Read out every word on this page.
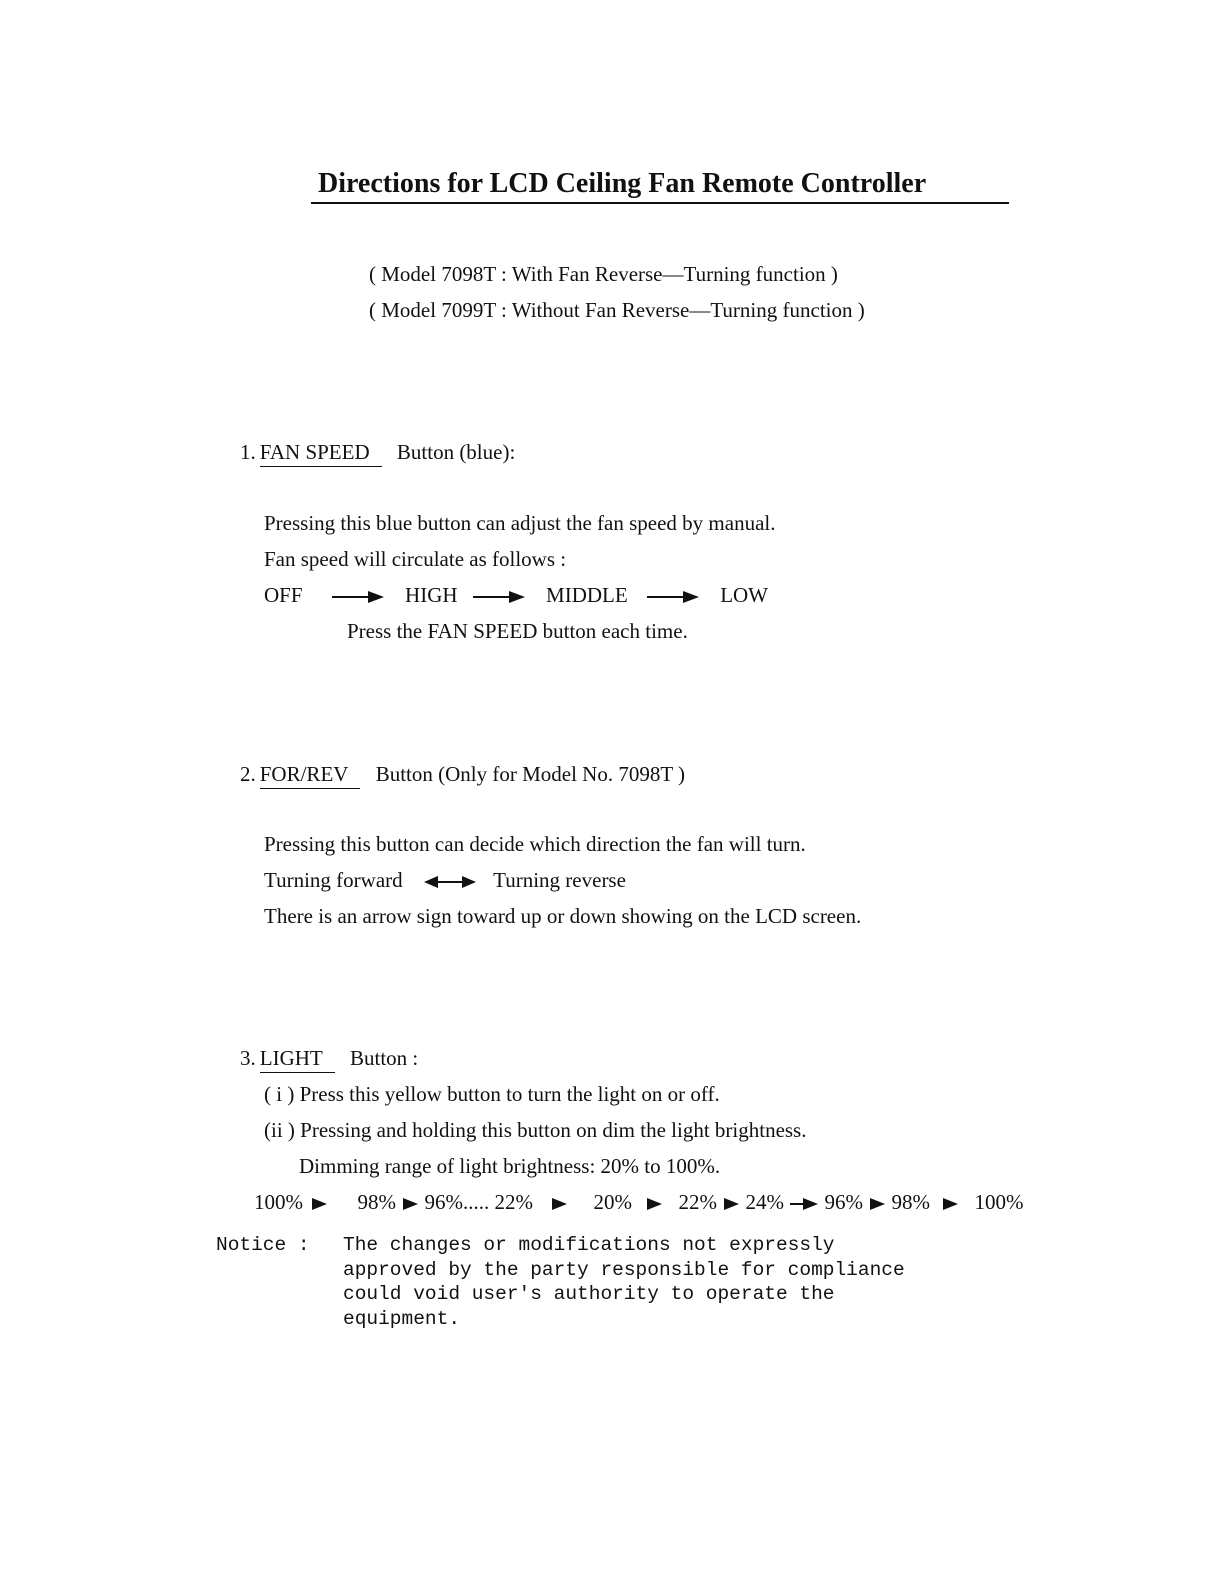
Directions for LCD Ceiling Fan Remote Controller
( Model 7098T : With Fan Reverse—Turning function )
( Model 7099T : Without Fan Reverse—Turning function )
1. FAN SPEED Button (blue):
Pressing this blue button can adjust the fan speed by manual.
Fan speed will circulate as follows :
OFF	HIGH	MIDDLE	LOW
Press the FAN SPEED button each time.
2. FOR/REV Button (Only for Model No. 7098T )
Pressing this button can decide which direction the fan will turn.
Turning forward	Turning reverse
There is an arrow sign toward up or down showing on the LCD screen.
3. LIGHT Button :
( i ) Press this yellow button to turn the light on or off.
(ii ) Pressing and holding this button on dim the light brightness.
Dimming range of light brightness: 20% to 100%.
100%	98% 96%..... 22%	20% 22% 24% 96% 98% 100%
Notice : The changes or modifications not expressly
approved by the party responsible for compliance
could void user's authority to operate the
equipment.
